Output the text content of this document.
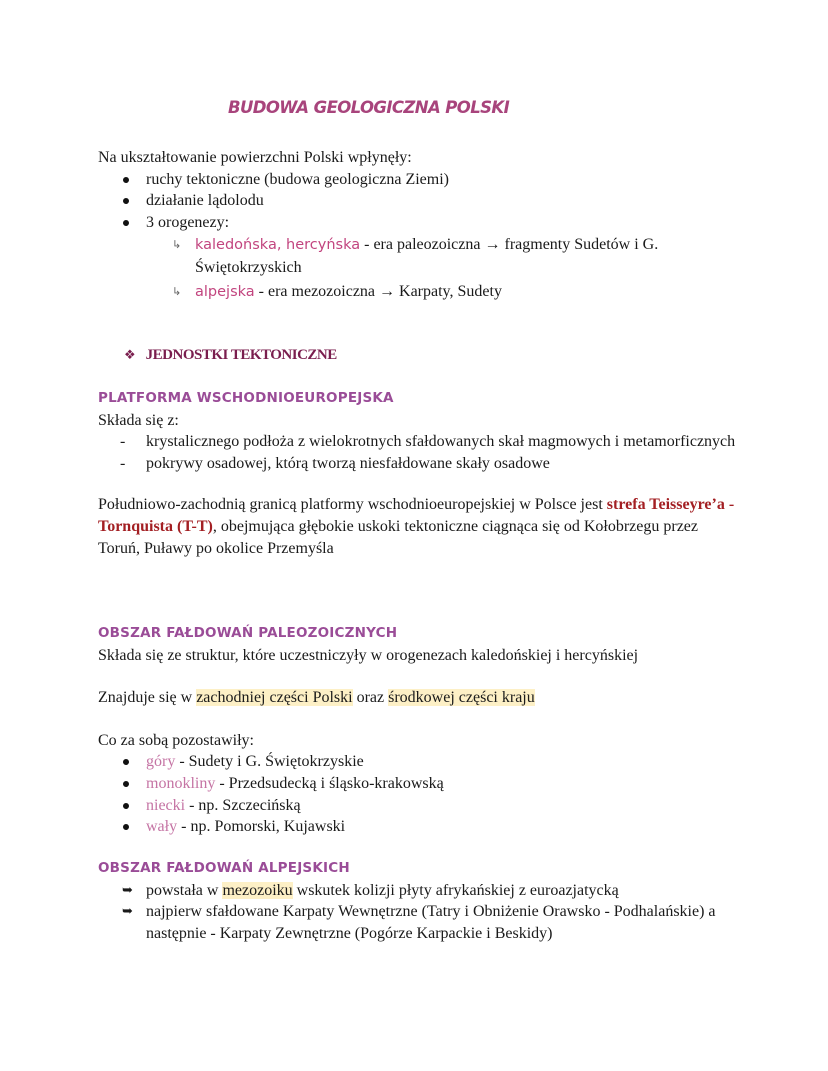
BUDOWA GEOLOGICZNA POLSKI
Na ukształtowanie powierzchni Polski wpłynęły:
ruchy tektoniczne (budowa geologiczna Ziemi)
działanie lądolodu
3 orogenezy:
↳ kaledońska, hercyńska - era paleozoiczna → fragmenty Sudetów i G. Świętokrzyskich
↳ alpejska - era mezozoiczna → Karpaty, Sudety
❖ JEDNOSTKI TEKTONICZNE
PLATFORMA WSCHODNIOEUROPEJSKA
Składa się z:
- krystalicznego podłoża z wielokrotnych sfałdowanych skał magmowych i metamorficznych
- pokrywy osadowej, którą tworzą niesfałdowane skały osadowe

Południowo-zachodnią granicą platformy wschodnioeuropejskiej w Polsce jest strefa Teisseyre’a - Tornquista (T-T), obejmująca głębokie uskoki tektoniczne ciągnąca się od Kołobrzegu przez Toruń, Puławy po okolice Przemyśla

OBSZAR FAŁDOWAŃ PALEOZOICZNYCH
Składa się ze struktur, które uczestniczyły w orogenezach kaledońskiej i hercyńskiej

Znajduje się w zachodniej części Polski oraz środkowej części kraju

Co za sobą pozostawiły:

góry - Sudety i G. Świętokrzyskie
monokliny - Przedsudecką i śląsko-krakowską
niecki - np. Szczecińską
wały - np. Pomorski, Kujawski
OBSZAR FAŁDOWAŃ ALPEJSKICH
➥ powstała w mezozoiku wskutek kolizji płyty afrykańskiej z euroazjatycką
➥ najpierw sfałdowane Karpaty Wewnętrzne (Tatry i Obniżenie Orawsko - Podhalańskie) a następnie - Karpaty Zewnętrzne (Pogórze Karpackie i Beskidy)
